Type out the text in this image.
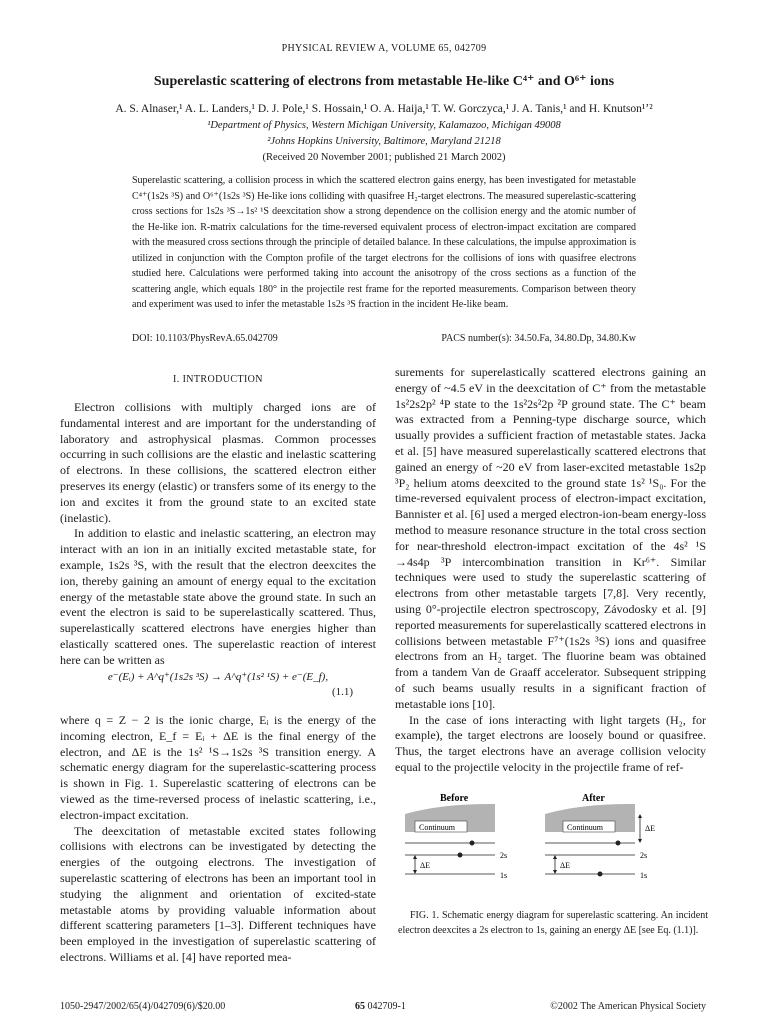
PHYSICAL REVIEW A, VOLUME 65, 042709
Superelastic scattering of electrons from metastable He-like C⁴⁺ and O⁶⁺ ions
A. S. Alnaser,¹ A. L. Landers,¹ D. J. Pole,¹ S. Hossain,¹ O. A. Haija,¹ T. W. Gorczyca,¹ J. A. Tanis,¹ and H. Knutson¹ʼ²
¹Department of Physics, Western Michigan University, Kalamazoo, Michigan 49008
²Johns Hopkins University, Baltimore, Maryland 21218
(Received 20 November 2001; published 21 March 2002)
Superelastic scattering, a collision process in which the scattered electron gains energy, has been investigated for metastable C⁴⁺(1s2s ³S) and O⁶⁺(1s2s ³S) He-like ions colliding with quasifree H₂-target electrons. The measured superelastic-scattering cross sections for 1s2s ³S→1s² ¹S deexcitation show a strong dependence on the collision energy and the atomic number of the He-like ion. R-matrix calculations for the time-reversed equivalent process of electron-impact excitation are compared with the measured cross sections through the principle of detailed balance. In these calculations, the impulse approximation is utilized in conjunction with the Compton profile of the target electrons for the collisions of ions with quasifree electrons studied here. Calculations were performed taking into account the anisotropy of the cross sections as a function of the scattering angle, which equals 180° in the projectile rest frame for the reported measurements. Comparison between theory and experiment was used to infer the metastable 1s2s ³S fraction in the incident He-like beam.
DOI: 10.1103/PhysRevA.65.042709	PACS number(s): 34.50.Fa, 34.80.Dp, 34.80.Kw
I. INTRODUCTION

Electron collisions with multiply charged ions are of fundamental interest and are important for the understanding of laboratory and astrophysical plasmas. Common processes occurring in such collisions are the elastic and inelastic scattering of electrons. In these collisions, the scattered electron either preserves its energy (elastic) or transfers some of its energy to the ion and excites it from the ground state to an excited state (inelastic).

In addition to elastic and inelastic scattering, an electron may interact with an ion in an initially excited metastable state, for example, 1s2s ³S, with the result that the electron deexcites the ion, thereby gaining an amount of energy equal to the excitation energy of the metastable state above the ground state. In such an event the electron is said to be superelastically scattered. Thus, superelastically scattered electrons have energies higher than elastically scattered ones. The superelastic reaction of interest here can be written as

e⁻(Eᵢ) + A^q⁺(1s2s ³S) → A^q⁺(1s² ¹S) + e⁻(E_f),
(1.1)

where q = Z − 2 is the ionic charge, Eᵢ is the energy of the incoming electron, E_f = Eᵢ + ΔE is the final energy of the electron, and ΔE is the 1s² ¹S→1s2s ³S transition energy. A schematic energy diagram for the superelastic-scattering process is shown in Fig. 1. Superelastic scattering of electrons can be viewed as the time-reversed process of inelastic scattering, i.e., electron-impact excitation.

The deexcitation of metastable excited states following collisions with electrons can be investigated by detecting the energies of the outgoing electrons. The investigation of superelastic scattering of electrons has been an important tool in studying the alignment and orientation of excited-state metastable atoms by providing valuable information about different scattering parameters [1–3]. Different techniques have been employed in the investigation of superelastic scattering of electrons. Williams et al. [4] have reported mea-

surements for superelastically scattered electrons gaining an energy of ~4.5 eV in the deexcitation of C⁺ from the metastable 1s²2s2p² ⁴P state to the 1s²2s²2p ²P ground state. The C⁺ beam was extracted from a Penning-type discharge source, which usually provides a sufficient fraction of metastable states. Jacka et al. [5] have measured superelastically scattered electrons that gained an energy of ~20 eV from laser-excited metastable 1s2p ³P₂ helium atoms deexcited to the ground state 1s² ¹S₀. For the time-reversed equivalent process of electron-impact excitation, Bannister et al. [6] used a merged electron-ion-beam energy-loss method to measure resonance structure in the total cross section for near-threshold electron-impact excitation of the 4s² ¹S →4s4p ³P intercombination transition in Kr⁶⁺. Similar techniques were used to study the superelastic scattering of electrons from other metastable targets [7,8]. Very recently, using 0°-projectile electron spectroscopy, Závodosky et al. [9] reported measurements for superelastically scattered electrons in collisions between metastable F⁷⁺(1s2s ³S) ions and quasifree electrons from an H₂ target. The fluorine beam was obtained from a tandem Van de Graaff accelerator. Subsequent stripping of such beams usually results in a significant fraction of metastable ions [10].

In the case of ions interacting with light targets (H₂, for example), the target electrons are loosely bound or quasifree. Thus, the target electrons have an average collision velocity equal to the projectile velocity in the projectile frame of ref-

Before
Continuum
2s
1s
ΔE
After
Continuum	ΔE
2s
1s
ΔE
FIG. 1. Schematic energy diagram for superelastic scattering. An incident electron deexcites a 2s electron to 1s, gaining an energy ΔE [see Eq. (1.1)].
1050-2947/2002/65(4)/042709(6)/$20.00	65 042709-1	©2002 The American Physical Society
